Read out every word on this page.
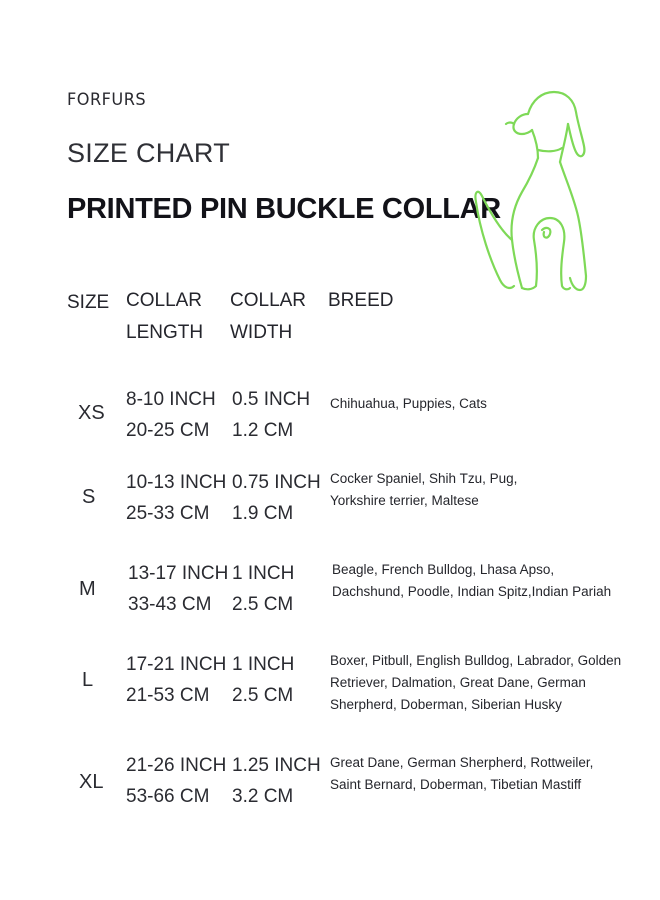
FORFURS
SIZE CHART
PRINTED PIN BUCKLE COLLAR
SIZE COLLAR
LENGTH
COLLAR
WIDTH
BREED
XS
8-10 INCH
20-25 CM
0.5 INCH
1.2 CM
Chihuahua, Puppies, Cats
S
10-13 INCH
25-33 CM
0.75 INCH
1.9 CM
Cocker Spaniel, Shih Tzu, Pug,
Yorkshire terrier, Maltese
M
13-17 INCH
33-43 CM
1 INCH
2.5 CM
Beagle, French Bulldog, Lhasa Apso,
Dachshund, Poodle, Indian Spitz,Indian Pariah
L
17-21 INCH
21-53 CM
1 INCH
2.5 CM
Boxer, Pitbull, English Bulldog, Labrador, Golden
Retriever, Dalmation, Great Dane, German
Sherpherd, Doberman, Siberian Husky
XL
21-26 INCH
53-66 CM
1.25 INCH
3.2 CM
Great Dane, German Sherpherd, Rottweiler,
Saint Bernard, Doberman, Tibetian Mastiff
